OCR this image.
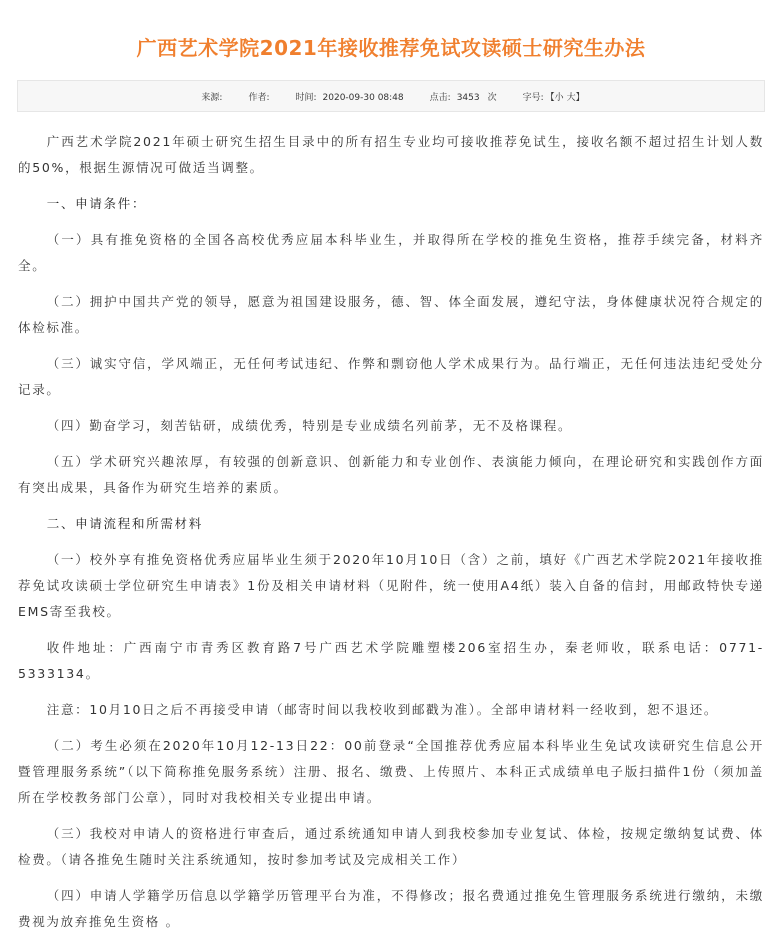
广西艺术学院2021年接收推荐免试攻读硕士研究生办法
来源:	作者:	时间: 2020-09-30 08:48	点击: 3453 次	字号: 【小 大】

广西艺术学院2021年硕士研究生招生目录中的所有招生专业均可接收推荐免试生，接收名额不超过招生计划人数的50%，根据生源情况可做适当调整。

一、申请条件：

（一）具有推免资格的全国各高校优秀应届本科毕业生，并取得所在学校的推免生资格，推荐手续完备，材料齐全。

（二）拥护中国共产党的领导，愿意为祖国建设服务，德、智、体全面发展，遵纪守法，身体健康状况符合规定的体检标准。

（三）诚实守信，学风端正，无任何考试违纪、作弊和剽窃他人学术成果行为。品行端正，无任何违法违纪受处分记录。

（四）勤奋学习，刻苦钻研，成绩优秀，特别是专业成绩名列前茅，无不及格课程。

（五）学术研究兴趣浓厚，有较强的创新意识、创新能力和专业创作、表演能力倾向，在理论研究和实践创作方面有突出成果，具备作为研究生培养的素质。

二、申请流程和所需材料

（一）校外享有推免资格优秀应届毕业生须于2020年10月10日（含）之前，填好《广西艺术学院2021年接收推荐免试攻读硕士学位研究生申请表》1份及相关申请材料（见附件，统一使用A4纸）装入自备的信封，用邮政特快专递EMS寄至我校。

收件地址：广西南宁市青秀区教育路7号广西艺术学院雕塑楼206室招生办，秦老师收，联系电话：0771-5333134。

注意：10月10日之后不再接受申请（邮寄时间以我校收到邮戳为准）。全部申请材料一经收到，恕不退还。

（二）考生必须在2020年10月12-13日22：00前登录“全国推荐优秀应届本科毕业生免试攻读研究生信息公开暨管理服务系统”（以下简称推免服务系统）注册、报名、缴费、上传照片、本科正式成绩单电子版扫描件1份（须加盖所在学校教务部门公章），同时对我校相关专业提出申请。

（三）我校对申请人的资格进行审查后，通过系统通知申请人到我校参加专业复试、体检，按规定缴纳复试费、体检费。（请各推免生随时关注系统通知，按时参加考试及完成相关工作）

（四）申请人学籍学历信息以学籍学历管理平台为准，不得修改；报名费通过推免生管理服务系统进行缴纳，未缴费视为放弃推免生资格 。
